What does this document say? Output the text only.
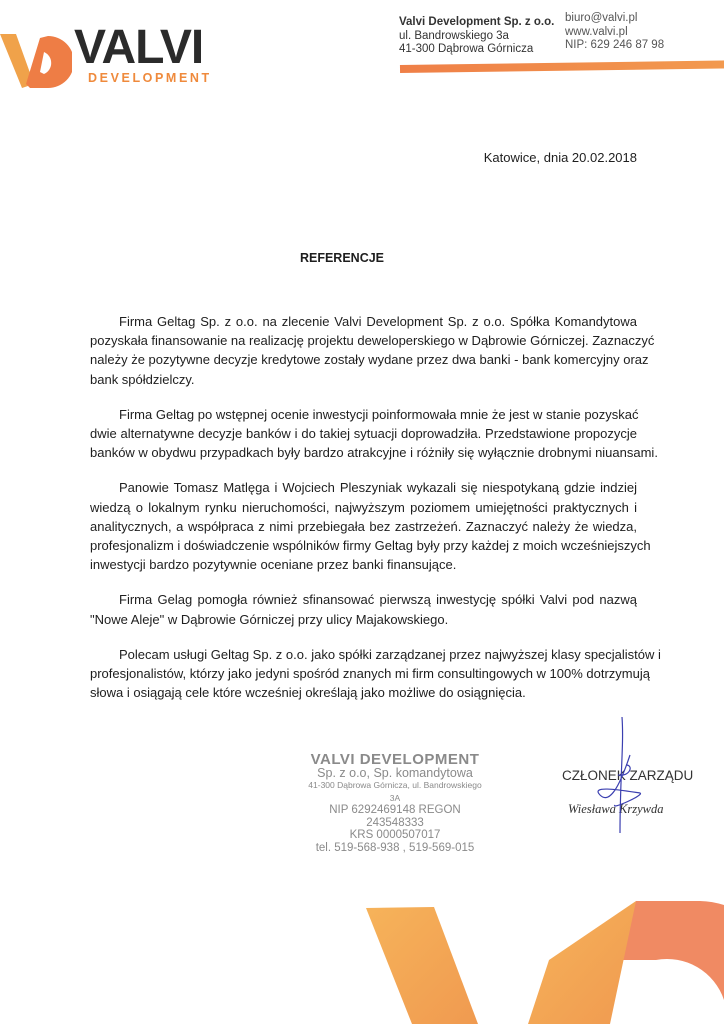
VALVI
DEVELOPMENT
Valvi Development Sp. z o.o.
ul. Bandrowskiego 3a
41-300 Dąbrowa Górnicza
biuro@valvi.pl
www.valvi.pl
NIP: 629 246 87 98
Katowice, dnia 20.02.2018
REFERENCJE
Firma Geltag Sp. z o.o. na zlecenie Valvi Development Sp. z o.o. Spółka Komandytowa
pozyskała finansowanie na realizację projektu deweloperskiego w Dąbrowie Górniczej. Zaznaczyć
należy że pozytywne decyzje kredytowe zostały wydane przez dwa banki - bank komercyjny oraz
bank spółdzielczy.
Firma Geltag po wstępnej ocenie inwestycji poinformowała mnie że jest w stanie pozyskać
dwie alternatywne decyzje banków i do takiej sytuacji doprowadziła. Przedstawione propozycje
banków w obydwu przypadkach były bardzo atrakcyjne i różniły się wyłącznie drobnymi niuansami.
Panowie Tomasz Matlęga i Wojciech Pleszyniak wykazali się niespotykaną gdzie indziej
wiedzą o lokalnym rynku nieruchomości, najwyższym poziomem umiejętności praktycznych i
analitycznych, a współpraca z nimi przebiegała bez zastrzeżeń. Zaznaczyć należy że wiedza,
profesjonalizm i doświadczenie wspólników firmy Geltag były przy każdej z moich wcześniejszych
inwestycji bardzo pozytywnie oceniane przez banki finansujące.
Firma Gelag pomogła również sfinansować pierwszą inwestycję spółki Valvi pod nazwą
"Nowe Aleje" w Dąbrowie Górniczej przy ulicy Majakowskiego.
Polecam usługi Geltag Sp. z o.o. jako spółki zarządzanej przez najwyższej klasy specjalistów i
profesjonalistów, którzy jako jedyni spośród znanych mi firm consultingowych w 100% dotrzymują
słowa i osiągają cele które wcześniej określają jako możliwe do osiągnięcia.
VALVI DEVELOPMENT
Sp. z o.o, Sp. komandytowa
41-300 Dąbrowa Górnicza, ul. Bandrowskiego 3A
NIP 6292469148 REGON 243548333
KRS 0000507017
tel. 519-568-938 , 519-569-015
CZŁONEK ZARZĄDU
Wiesława Krzywda
